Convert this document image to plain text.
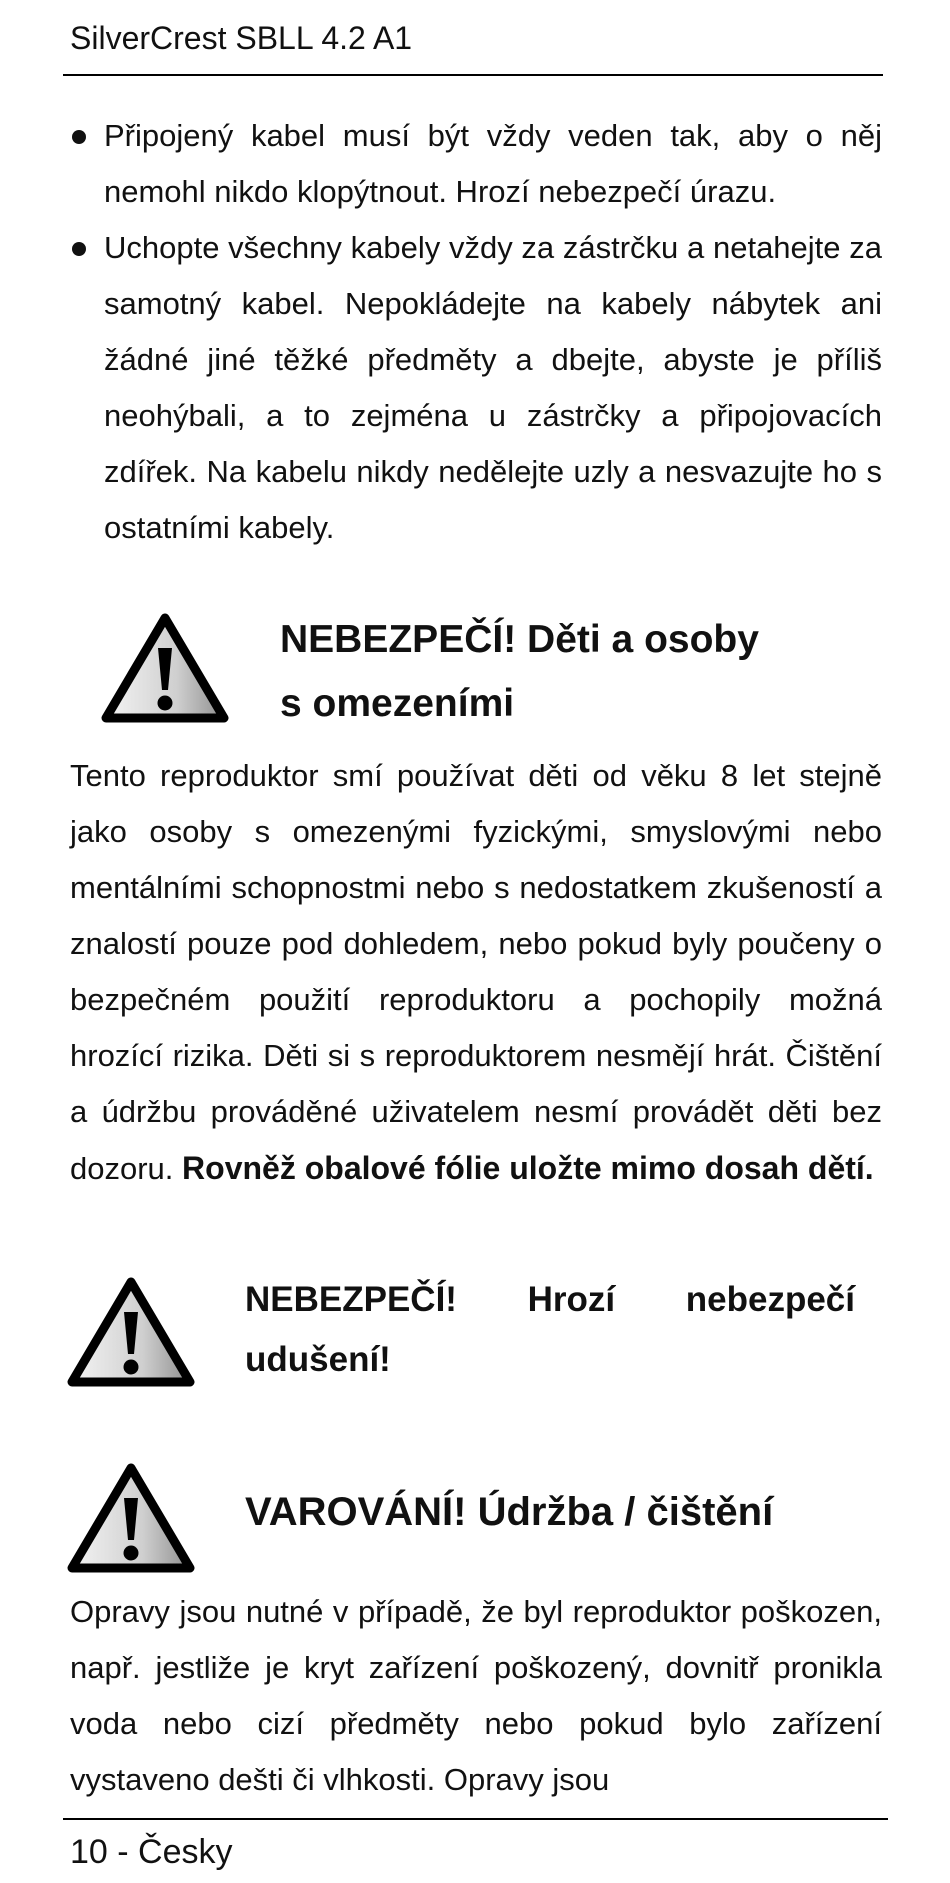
SilverCrest SBLL 4.2 A1

Připojený kabel musí být vždy veden tak, aby o něj nemohl nikdo klopýtnout. Hrozí nebezpečí úrazu.

Uchopte všechny kabely vždy za zástrčku a netahejte za samotný kabel. Nepokládejte na kabely nábytek ani žádné jiné těžké předměty a dbejte, abyste je příliš neohýbali, a to zejména u zástrčky a připojovacích zdířek. Na kabelu nikdy nedělejte uzly a nesvazujte ho s ostatními kabely.

NEBEZPEČÍ! Děti a osoby
s omezeními

Tento reproduktor smí používat děti od věku 8 let stejně jako osoby s omezenými fyzickými, smyslovými nebo mentálními schopnostmi nebo s nedostatkem zkušeností a znalostí pouze pod dohledem, nebo pokud byly poučeny o bezpečném použití reproduktoru a pochopily možná hrozící rizika. Děti si s reproduktorem nesmějí hrát. Čištění a údržbu prováděné uživatelem nesmí provádět děti bez dozoru. Rovněž obalové fólie uložte mimo dosah dětí.

NEBEZPEČÍ! Hrozí nebezpečí udušení!

VAROVÁNÍ! Údržba / čištění

Opravy jsou nutné v případě, že byl reproduktor poškozen, např. jestliže je kryt zařízení poškozený, dovnitř pronikla voda nebo cizí předměty nebo pokud bylo zařízení vystaveno dešti či vlhkosti. Opravy jsou

10 - Česky
